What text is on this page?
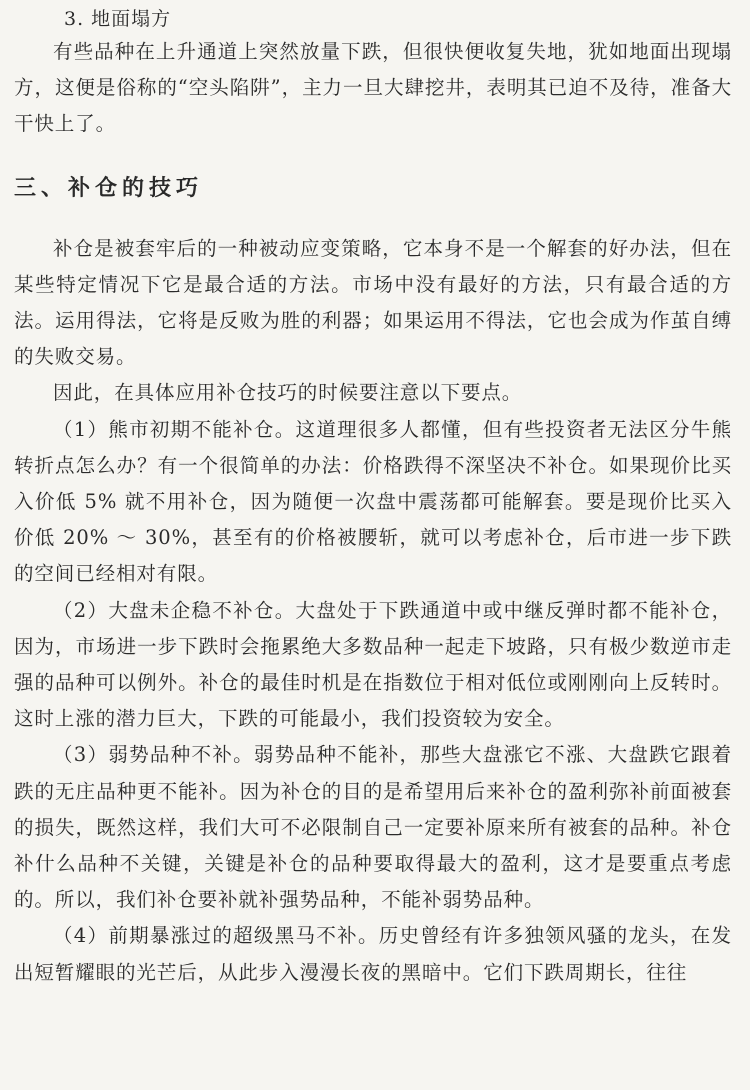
3. 地面塌方

有些品种在上升通道上突然放量下跌，但很快便收复失地，犹如地面出现塌方，这便是俗称的“空头陷阱”，主力一旦大肆挖井，表明其已迫不及待，准备大干快上了。

三、补仓的技巧

补仓是被套牢后的一种被动应变策略，它本身不是一个解套的好办法，但在某些特定情况下它是最合适的方法。市场中没有最好的方法，只有最合适的方法。运用得法，它将是反败为胜的利器；如果运用不得法，它也会成为作茧自缚的失败交易。

因此，在具体应用补仓技巧的时候要注意以下要点。

（1）熊市初期不能补仓。这道理很多人都懂，但有些投资者无法区分牛熊转折点怎么办？有一个很简单的办法：价格跌得不深坚决不补仓。如果现价比买入价低 5% 就不用补仓，因为随便一次盘中震荡都可能解套。要是现价比买入价低 20% ～ 30%，甚至有的价格被腰斩，就可以考虑补仓，后市进一步下跌的空间已经相对有限。

（2）大盘未企稳不补仓。大盘处于下跌通道中或中继反弹时都不能补仓，因为，市场进一步下跌时会拖累绝大多数品种一起走下坡路，只有极少数逆市走强的品种可以例外。补仓的最佳时机是在指数位于相对低位或刚刚向上反转时。这时上涨的潜力巨大，下跌的可能最小，我们投资较为安全。

（3）弱势品种不补。弱势品种不能补，那些大盘涨它不涨、大盘跌它跟着跌的无庄品种更不能补。因为补仓的目的是希望用后来补仓的盈利弥补前面被套的损失，既然这样，我们大可不必限制自己一定要补原来所有被套的品种。补仓补什么品种不关键，关键是补仓的品种要取得最大的盈利，这才是要重点考虑的。所以，我们补仓要补就补强势品种，不能补弱势品种。

（4）前期暴涨过的超级黑马不补。历史曾经有许多独领风骚的龙头，在发出短暂耀眼的光芒后，从此步入漫漫长夜的黑暗中。它们下跌周期长，往往
